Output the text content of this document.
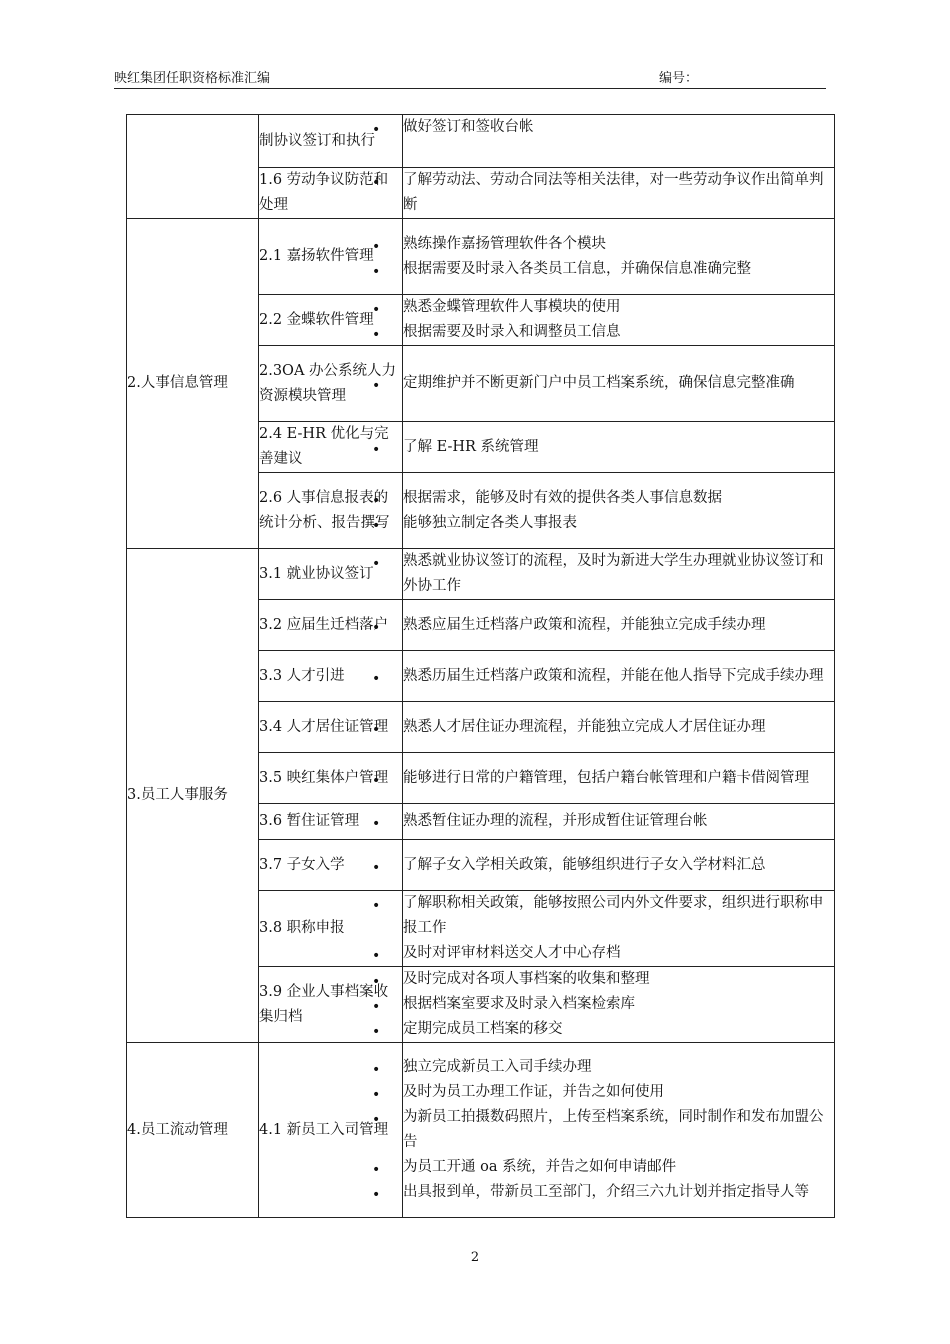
映红集团任职资格标准汇编	编号：
	制协议签订和执行	• 做好签订和签收台帐

	1.6 劳动争议防范和处理	• 了解劳动法、劳动合同法等相关法律，对一些劳动争议作出简单判断

2.人事信息管理	2.1 嘉扬软件管理	• 熟练操作嘉扬管理软件各个模块
• 根据需要及时录入各类员工信息，并确保信息准确完整

	2.2 金蝶软件管理	• 熟悉金蝶管理软件人事模块的使用
• 根据需要及时录入和调整员工信息

	2.3OA 办公系统人力资源模块管理	• 定期维护并不断更新门户中员工档案系统，确保信息完整准确

	2.4 E-HR 优化与完善建议	• 了解 E-HR 系统管理

	2.6 人事信息报表的统计分析、报告撰写	• 根据需求，能够及时有效的提供各类人事信息数据
• 能够独立制定各类人事报表

3.员工人事服务	3.1 就业协议签订	• 熟悉就业协议签订的流程，及时为新进大学生办理就业协议签订和外协工作

	3.2 应届生迁档落户	• 熟悉应届生迁档落户政策和流程，并能独立完成手续办理

	3.3 人才引进	• 熟悉历届生迁档落户政策和流程，并能在他人指导下完成手续办理

	3.4 人才居住证管理	• 熟悉人才居住证办理流程，并能独立完成人才居住证办理

	3.5 映红集体户管理	• 能够进行日常的户籍管理，包括户籍台帐管理和户籍卡借阅管理

	3.6 暂住证管理	• 熟悉暂住证办理的流程，并形成暂住证管理台帐

	3.7 子女入学	• 了解子女入学相关政策，能够组织进行子女入学材料汇总

	3.8 职称申报	• 了解职称相关政策，能够按照公司内外文件要求，组织进行职称申报工作
• 及时对评审材料送交人才中心存档

	3.9 企业人事档案收集归档	• 及时完成对各项人事档案的收集和整理
• 根据档案室要求及时录入档案检索库
• 定期完成员工档案的移交

4.员工流动管理	4.1 新员工入司管理	• 独立完成新员工入司手续办理
• 及时为员工办理工作证，并告之如何使用
• 为新员工拍摄数码照片，上传至档案系统，同时制作和发布加盟公告
• 为员工开通 oa 系统，并告之如何申请邮件
• 出具报到单，带新员工至部门，介绍三六九计划并指定指导人等
2
